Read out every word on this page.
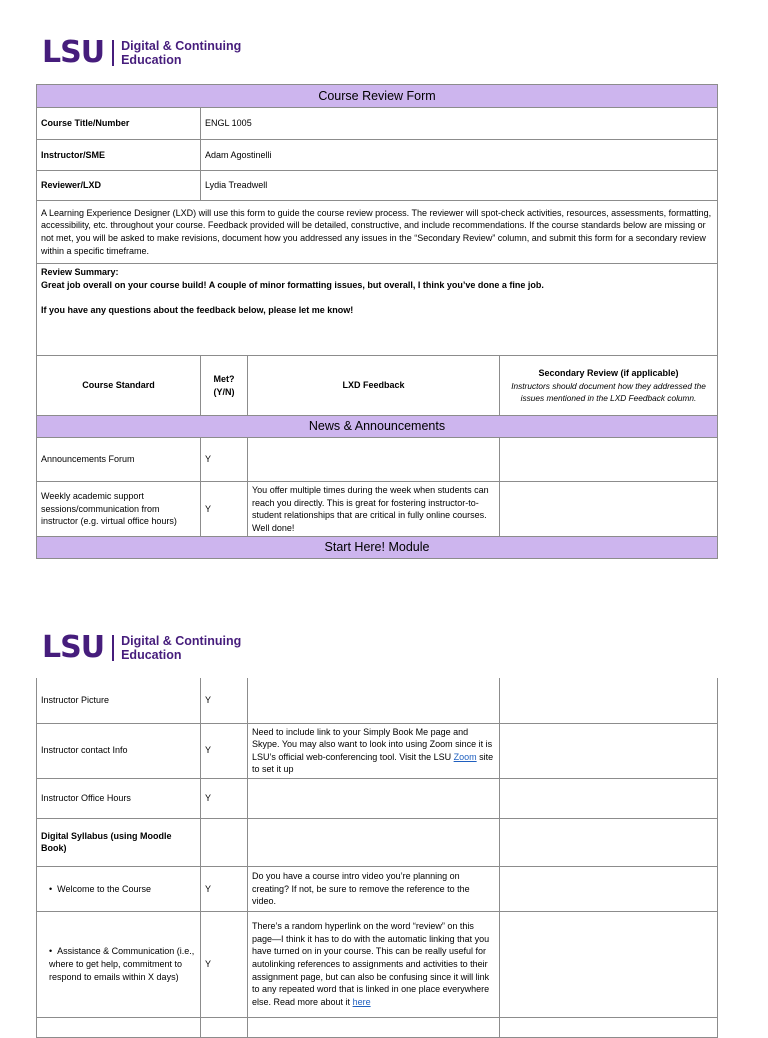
LSU Digital & Continuing
Education
Course Review Form			
Course Title/Number	ENGL 1005		
Instructor/SME	Adam Agostinelli		
Reviewer/LXD	Lydia Treadwell		
A Learning Experience Designer (LXD) will use this form to guide the course review process. The reviewer will spot-check activities, resources, assessments, formatting, accessibility, etc. throughout your course. Feedback provided will be detailed, constructive, and include recommendations. If the course standards below are missing or not met, you will be asked to make revisions, document how you addressed any issues in the “Secondary Review” column, and submit this form for a secondary review within a specific timeframe.			

Review Summary:
Great job overall on your course build! A couple of minor formatting issues, but overall, I think you’ve done a fine job.
If you have any questions about the feedback below, please let me know!			

Course Standard	Met? (Y/N)	LXD Feedback	Secondary Review (if applicable)
Instructors should document how they addressed the issues mentioned in the LXD Feedback column.

News & Announcements			
Announcements Forum	Y		
Weekly academic support sessions/communication from instructor (e.g. virtual office hours)	Y	You offer multiple times during the week when students can reach you directly. This is great for fostering instructor-to-student relationships that are critical in fully online courses. Well done!	
Start Here! Module			
LSU Digital & Continuing
Education
Instructor Picture	Y		
Instructor contact Info	Y	Need to include link to your Simply Book Me page and Skype. You may also want to look into using Zoom since it is LSU’s official web-conferencing tool. Visit the LSU Zoom site to set it up	
Instructor Office Hours	Y		
Digital Syllabus (using Moodle Book)			
•  Welcome to the Course	Y	Do you have a course intro video you’re planning on creating? If not, be sure to remove the reference to the video.	
•  Assistance & Communication (i.e., where to get help, commitment to respond to emails within X days)	Y	There’s a random hyperlink on the word “review” on this page—I think it has to do with the automatic linking that you have turned on in your course. This can be really useful for autolinking references to assignments and activities to their assignment page, but can also be confusing since it will link to any repeated word that is linked in one place everywhere else. Read more about it here	
